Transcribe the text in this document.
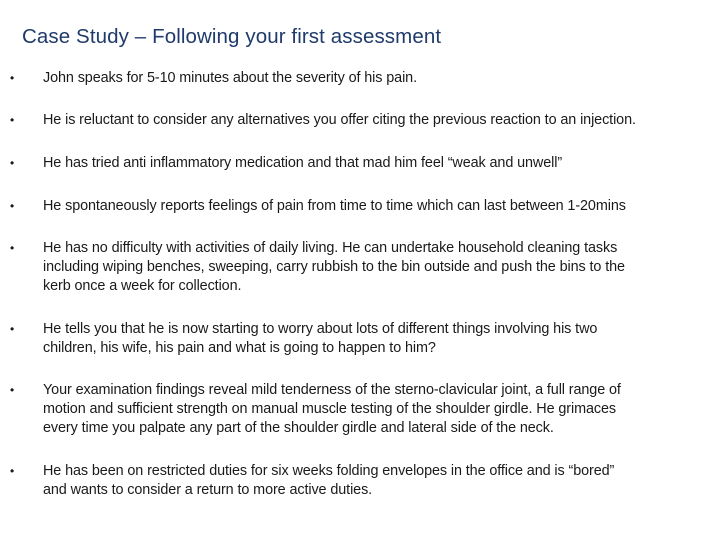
Case Study – Following your first assessment
• John speaks for 5-10 minutes about the severity of his pain.
• He is reluctant to consider any alternatives you offer citing the previous reaction to an injection.
• He has tried anti inflammatory medication and that mad him feel “weak and unwell”
• He spontaneously reports feelings of pain from time to time which can last between 1-20mins
• He has no difficulty with activities of daily living. He can undertake household cleaning tasks
including wiping benches, sweeping, carry rubbish to the bin outside and push the bins to the
kerb once a week for collection.
• He tells you that he is now starting to worry about lots of different things involving his two
children, his wife, his pain and what is going to happen to him?
• Your examination findings reveal mild tenderness of the sterno-clavicular joint, a full range of
motion and sufficient strength on manual muscle testing of the shoulder girdle. He grimaces
every time you palpate any part of the shoulder girdle and lateral side of the neck.
• He has been on restricted duties for six weeks folding envelopes in the office and is “bored”
and wants to consider a return to more active duties.
